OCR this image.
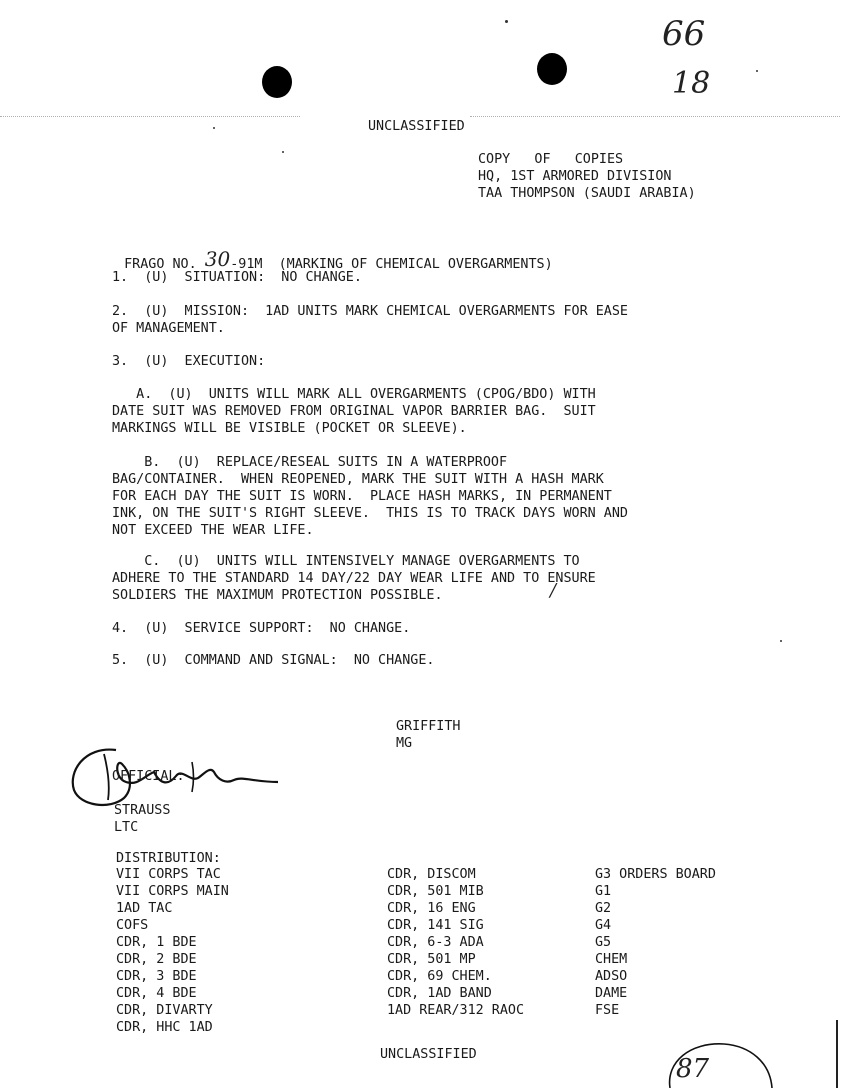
66
18
UNCLASSIFIED
COPY   OF   COPIES
HQ, 1ST ARMORED DIVISION
TAA THOMPSON (SAUDI ARABIA)

FRAGO NO. 30-91M  (MARKING OF CHEMICAL OVERGARMENTS)

1.  (U)  SITUATION:  NO CHANGE.
2.  (U)  MISSION:  1AD UNITS MARK CHEMICAL OVERGARMENTS FOR EASE
OF MANAGEMENT.
3.  (U)  EXECUTION:
A.  (U)  UNITS WILL MARK ALL OVERGARMENTS (CPOG/BDO) WITH
DATE SUIT WAS REMOVED FROM ORIGINAL VAPOR BARRIER BAG.  SUIT
MARKINGS WILL BE VISIBLE (POCKET OR SLEEVE).
B.  (U)  REPLACE/RESEAL SUITS IN A WATERPROOF
BAG/CONTAINER.  WHEN REOPENED, MARK THE SUIT WITH A HASH MARK
FOR EACH DAY THE SUIT IS WORN.  PLACE HASH MARKS, IN PERMANENT
INK, ON THE SUIT'S RIGHT SLEEVE.  THIS IS TO TRACK DAYS WORN AND
NOT EXCEED THE WEAR LIFE.
C.  (U)  UNITS WILL INTENSIVELY MANAGE OVERGARMENTS TO
ADHERE TO THE STANDARD 14 DAY/22 DAY WEAR LIFE AND TO ENSURE
SOLDIERS THE MAXIMUM PROTECTION POSSIBLE.	/
4.  (U)  SERVICE SUPPORT:  NO CHANGE.
5.  (U)  COMMAND AND SIGNAL:  NO CHANGE.
GRIFFITH
MG
OFFICIAL:
STRAUSS
LTC
DISTRIBUTION:
VII CORPS TAC
VII CORPS MAIN
1AD TAC
COFS
CDR, 1 BDE
CDR, 2 BDE
CDR, 3 BDE
CDR, 4 BDE
CDR, DIVARTY
CDR, HHC 1AD
CDR, DISCOM
CDR, 501 MIB
CDR, 16 ENG
CDR, 141 SIG
CDR, 6-3 ADA
CDR, 501 MP
CDR, 69 CHEM.
CDR, 1AD BAND
1AD REAR/312 RAOC
G3 ORDERS BOARD
G1
G2
G4
G5
CHEM
ADSO
DAME
FSE
UNCLASSIFIED	87
